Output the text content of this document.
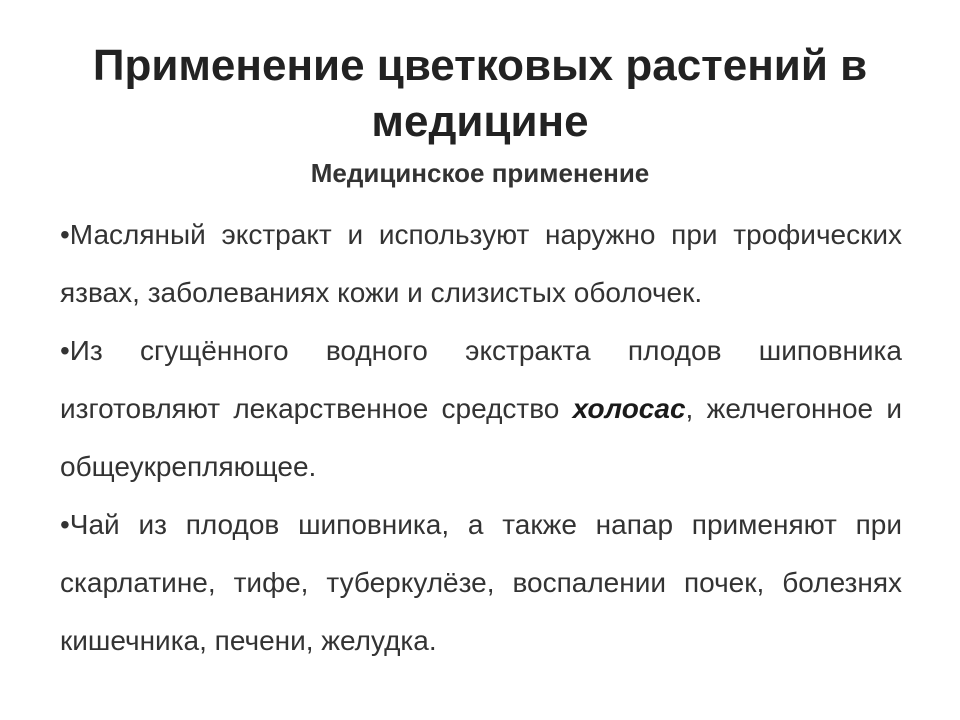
Применение цветковых растений в медицине
Медицинское применение

•Масляный экстракт и используют наружно при трофических язвах, заболеваниях кожи и слизистых оболочек.

•Из сгущённого водного экстракта плодов шиповника изготовляют лекарственное средство холосас, желчегонное и общеукрепляющее.

•Чай из плодов шиповника, а также напар применяют при скарлатине, тифе, туберкулёзе, воспалении почек, болезнях кишечника, печени, желудка.
